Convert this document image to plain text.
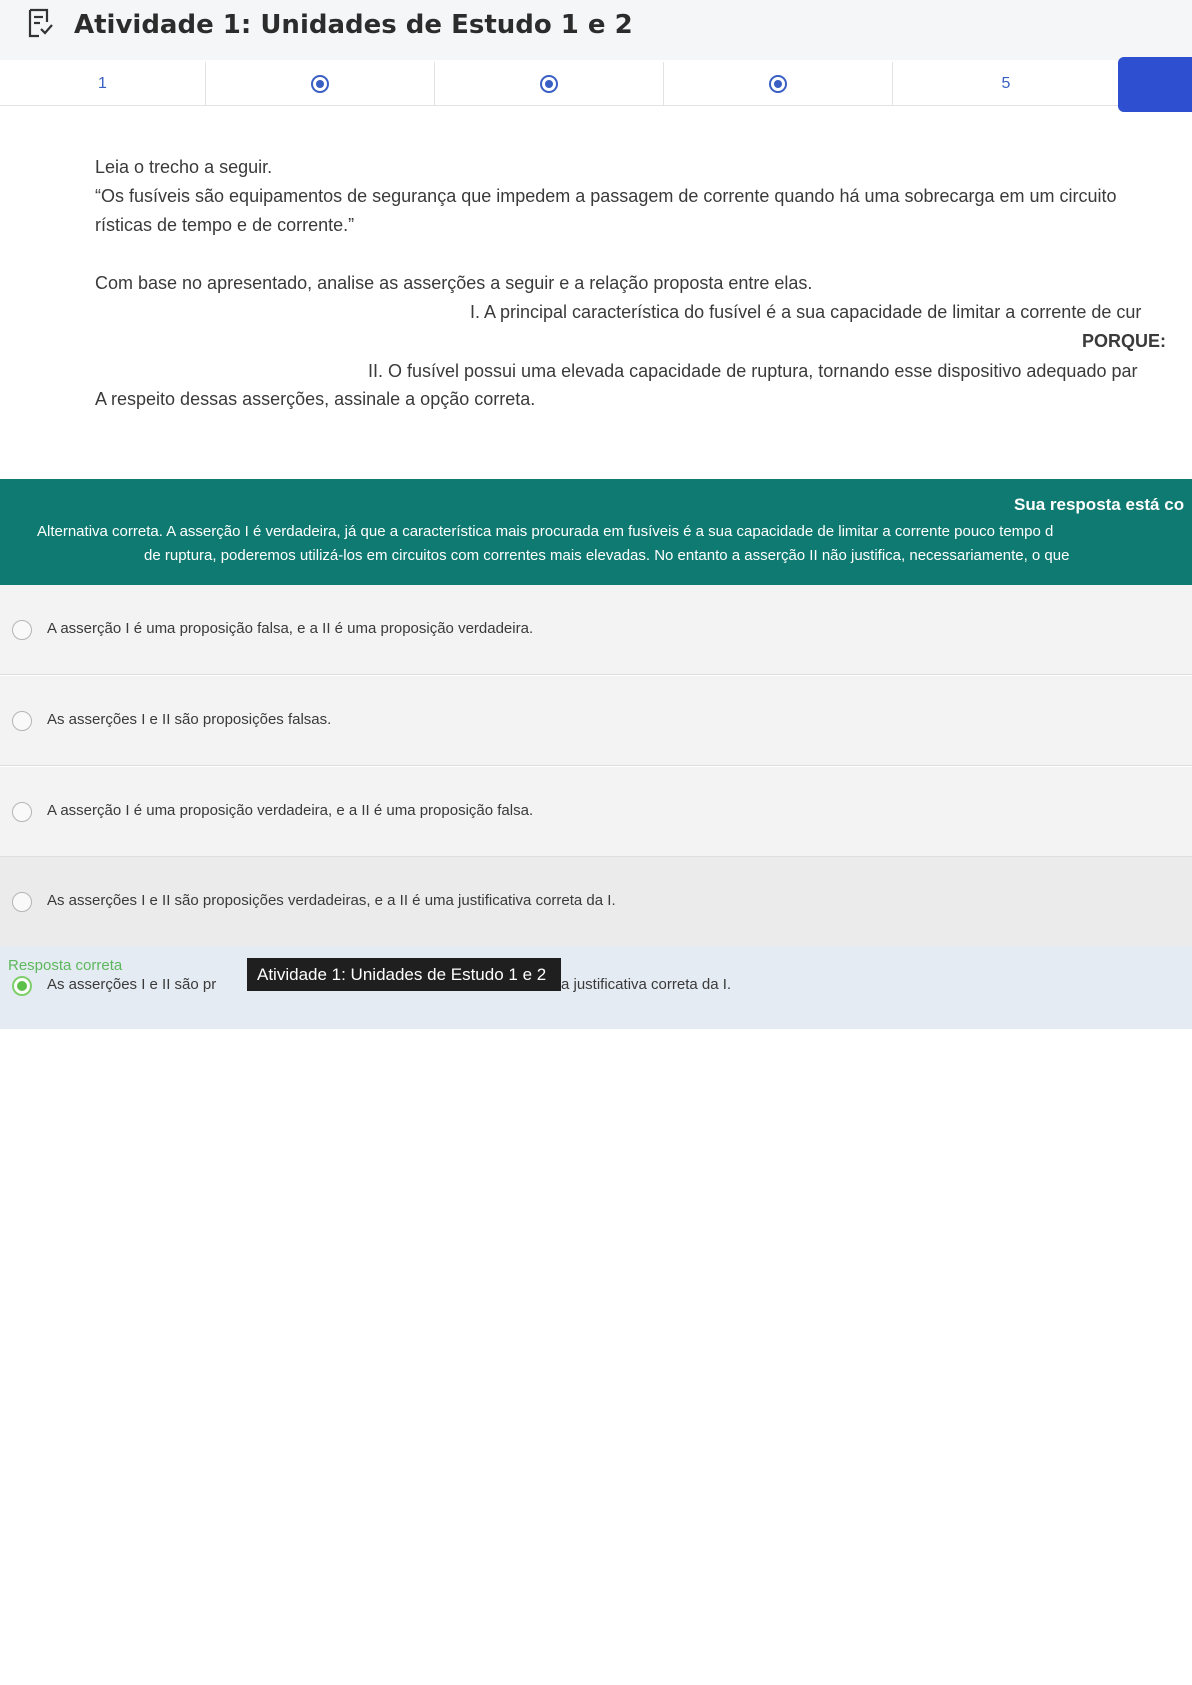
Atividade 1: Unidades de Estudo 1 e 2
1	5
Leia o trecho a seguir.
“Os fusíveis são equipamentos de segurança que impedem a passagem de corrente quando há uma sobrecarga em um circuito
rísticas de tempo e de corrente.”
Com base no apresentado, analise as asserções a seguir e a relação proposta entre elas.
I. A principal característica do fusível é a sua capacidade de limitar a corrente de cur
PORQUE:
II. O fusível possui uma elevada capacidade de ruptura, tornando esse dispositivo adequado par
A respeito dessas asserções, assinale a opção correta.
Sua resposta está co
Alternativa correta. A asserção I é verdadeira, já que a característica mais procurada em fusíveis é a sua capacidade de limitar a corrente pouco tempo d
de ruptura, poderemos utilizá-los em circuitos com correntes mais elevadas. No entanto a asserção II não justifica, necessariamente, o que
A asserção I é uma proposição falsa, e a II é uma proposição verdadeira.
As asserções I e II são proposições falsas.
A asserção I é uma proposição verdadeira, e a II é uma proposição falsa.
As asserções I e II são proposições verdadeiras, e a II é uma justificativa correta da I.
Resposta correta
As asserções I e II são pr	a justificativa correta da I.
Atividade 1: Unidades de Estudo 1 e 2
